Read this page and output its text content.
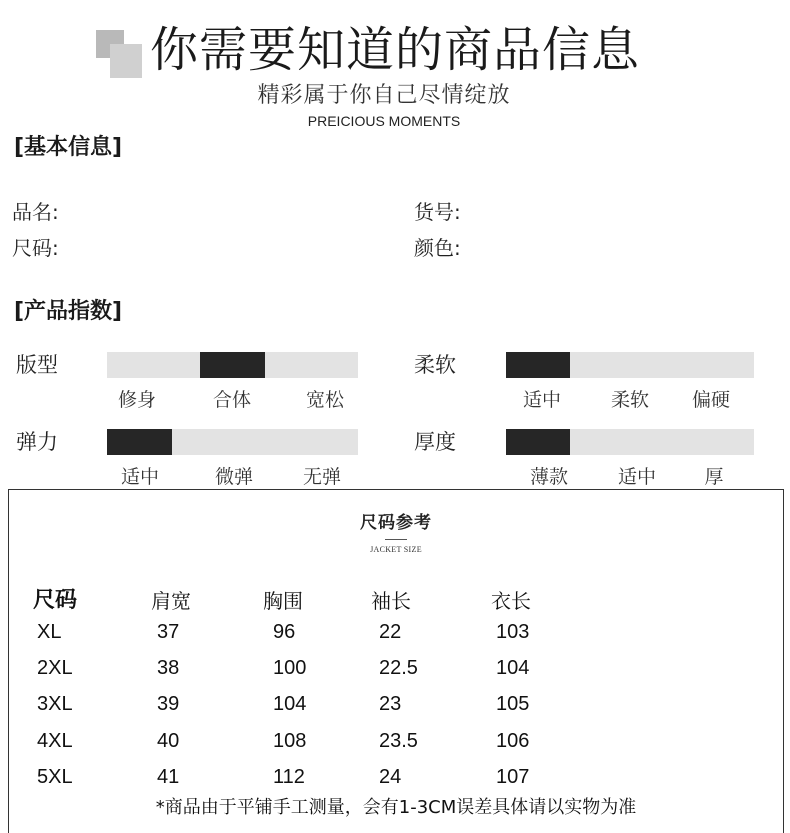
你需要知道的商品信息
精彩属于你自己尽情绽放
PREICIOUS MOMENTS
[基本信息]
品名:	货号:
尺码:	颜色:
[产品指数]
版型
修身	合体	宽松
柔软
适中	柔软 偏硬
弹力
适中	微弹	无弹
厚度
薄款	适中	厚
尺码参考
JACKET SIZE
尺码	肩宽	胸围	袖长	衣长
XL	37	96	22	103
2XL	38	100	22.5	104
3XL	39	104	23	105
4XL	40	108	23.5	106
5XL	41	112	24	107
*商品由于平铺手工测量，会有1-3CM误差具体请以实物为准
